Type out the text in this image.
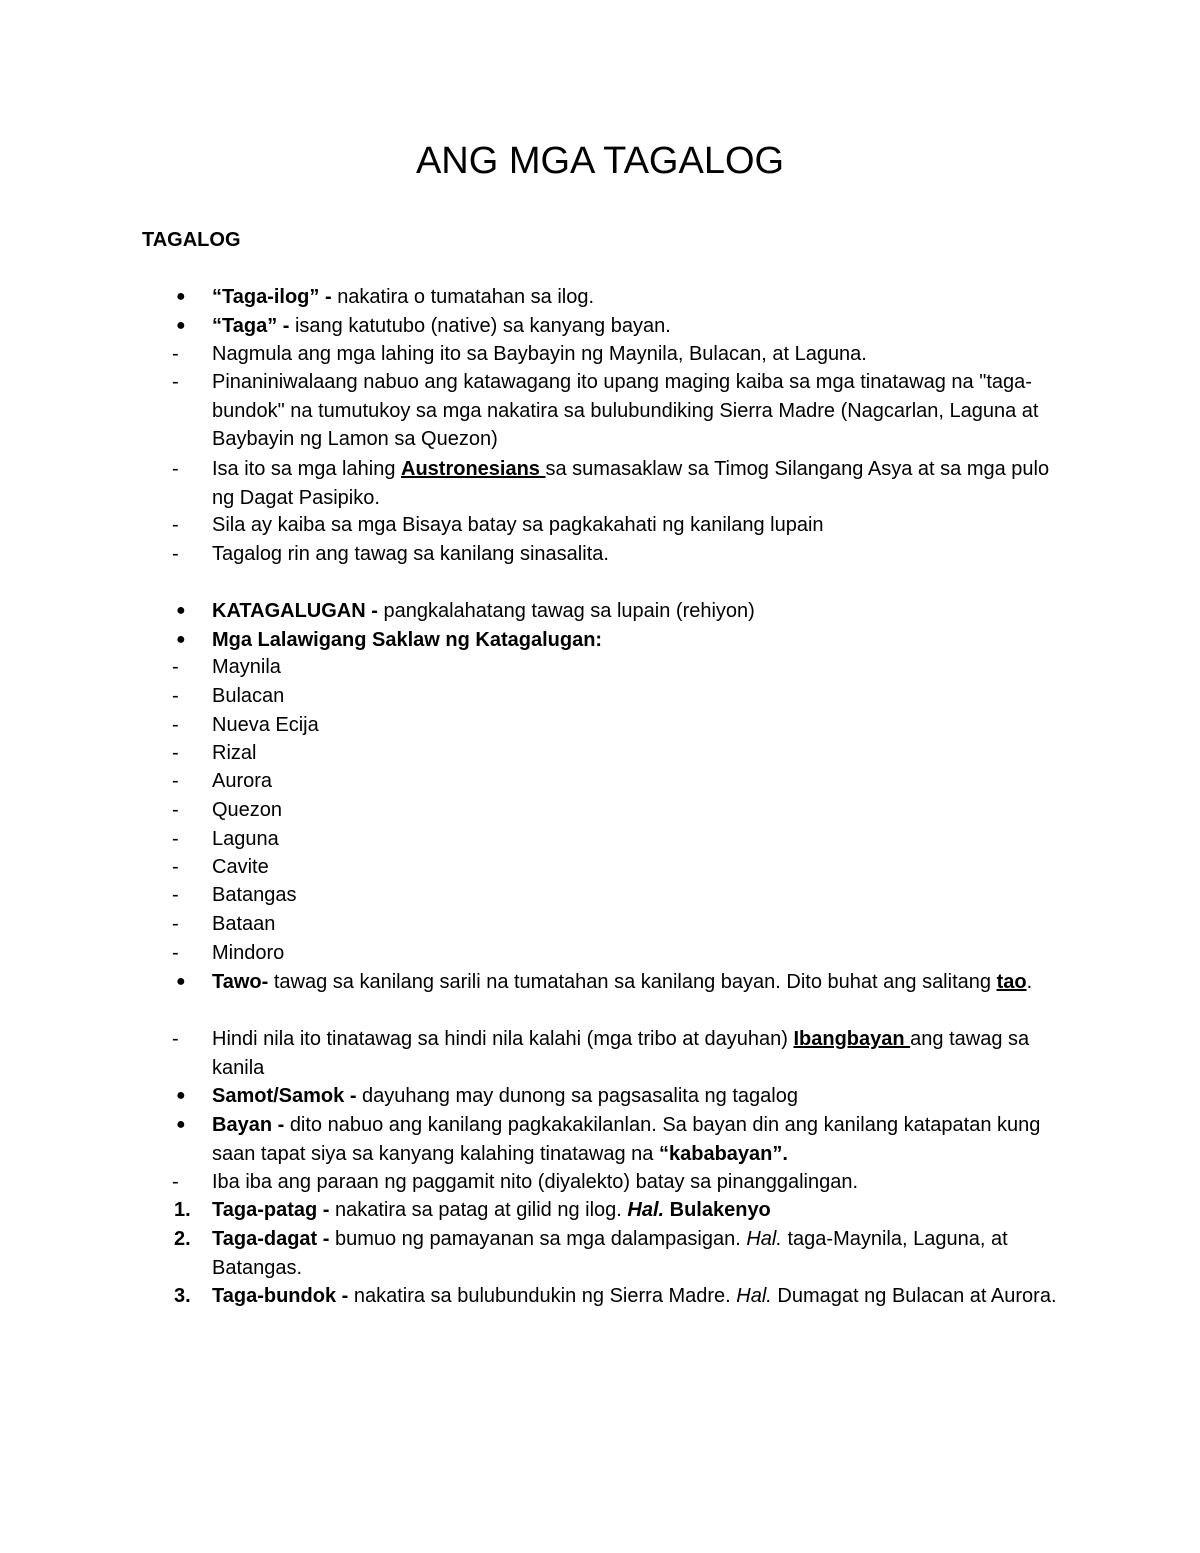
ANG MGA TAGALOG
TAGALOG
●	“Taga-ilog” - nakatira o tumatahan sa ilog.
●	“Taga” - isang katutubo (native) sa kanyang bayan.
-	Nagmula ang mga lahing ito sa Baybayin ng Maynila, Bulacan, at Laguna.
-	Pinaniniwalaang nabuo ang katawagang ito upang maging kaiba sa mga tinatawag na "taga-bundok" na tumutukoy sa mga nakatira sa bulubundiking Sierra Madre (Nagcarlan, Laguna at Baybayin ng Lamon sa Quezon)
-	Isa ito sa mga lahing Austronesians sa sumasaklaw sa Timog Silangang Asya at sa mga pulo ng Dagat Pasipiko.
-	Sila ay kaiba sa mga Bisaya batay sa pagkakahati ng kanilang lupain
-	Tagalog rin ang tawag sa kanilang sinasalita.
●	KATAGALUGAN - pangkalahatang tawag sa lupain (rehiyon)
●	Mga Lalawigang Saklaw ng Katagalugan:
-	Maynila
-	Bulacan
-	Nueva Ecija
-	Rizal
-	Aurora
-	Quezon
-	Laguna
-	Cavite
-	Batangas
-	Bataan
-	Mindoro
●	Tawo- tawag sa kanilang sarili na tumatahan sa kanilang bayan. Dito buhat ang salitang tao.
-	Hindi nila ito tinatawag sa hindi nila kalahi (mga tribo at dayuhan) Ibangbayan ang tawag sa kanila
●	Samot/Samok - dayuhang may dunong sa pagsasalita ng tagalog
●	Bayan - dito nabuo ang kanilang pagkakakilanlan. Sa bayan din ang kanilang katapatan kung saan tapat siya sa kanyang kalahing tinatawag na “kababayan”.
-	Iba iba ang paraan ng paggamit nito (diyalekto) batay sa pinanggalingan.
1.	Taga-patag - nakatira sa patag at gilid ng ilog. Hal. Bulakenyo
2.	Taga-dagat - bumuo ng pamayanan sa mga dalampasigan. Hal. taga-Maynila, Laguna, at Batangas.
3.	Taga-bundok - nakatira sa bulubundukin ng Sierra Madre. Hal. Dumagat ng Bulacan at Aurora.
